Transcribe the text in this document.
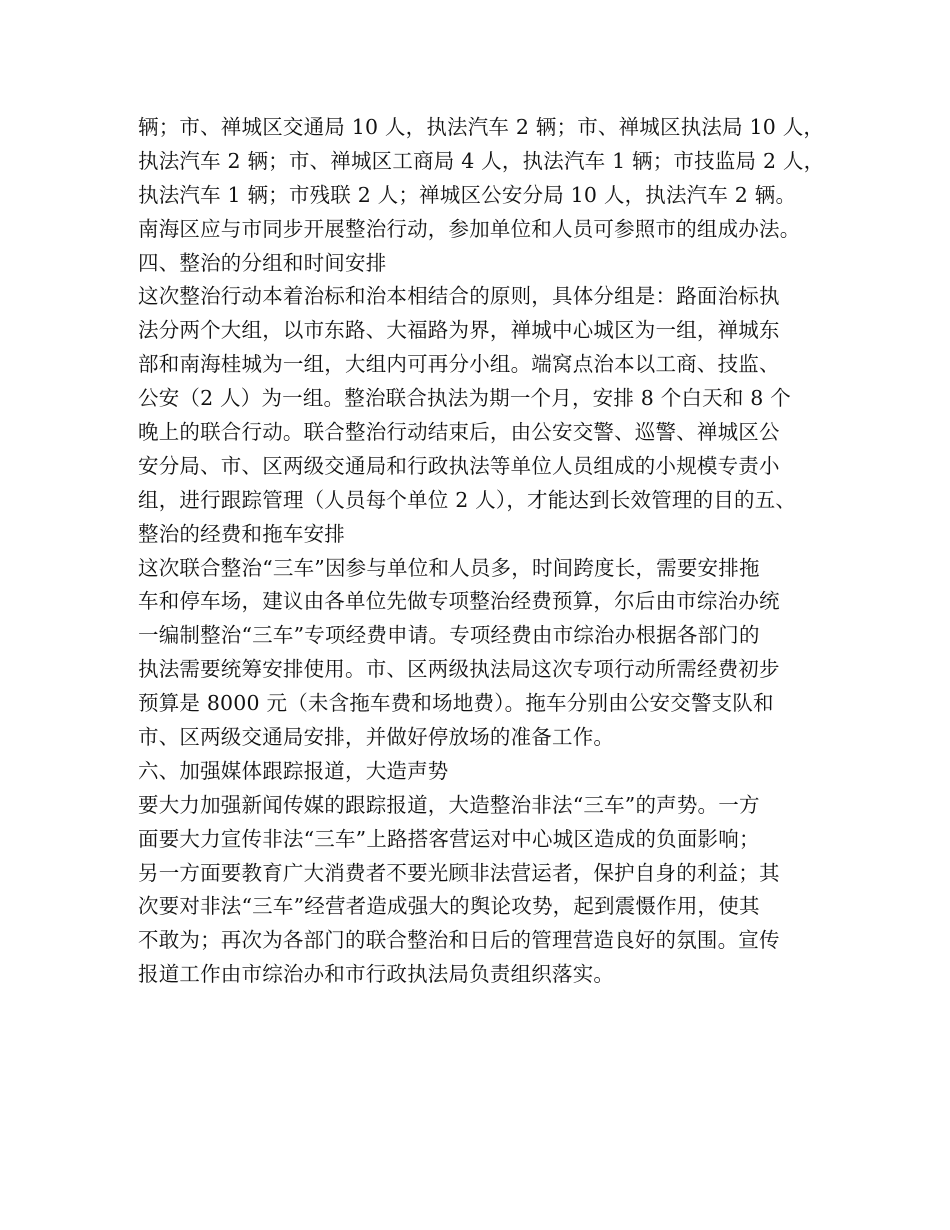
辆；市、禅城区交通局 10 人，执法汽车 2 辆；市、禅城区执法局 10 人，
执法汽车 2 辆；市、禅城区工商局 4 人，执法汽车 1 辆；市技监局 2 人，
执法汽车 1 辆；市残联 2 人；禅城区公安分局 10 人，执法汽车 2 辆。
南海区应与市同步开展整治行动，参加单位和人员可参照市的组成办法。
四、整治的分组和时间安排
这次整治行动本着治标和治本相结合的原则，具体分组是：路面治标执
法分两个大组，以市东路、大福路为界，禅城中心城区为一组，禅城东
部和南海桂城为一组，大组内可再分小组。端窝点治本以工商、技监、
公安（2 人）为一组。整治联合执法为期一个月，安排 8 个白天和 8 个
晚上的联合行动。联合整治行动结束后，由公安交警、巡警、禅城区公
安分局、市、区两级交通局和行政执法等单位人员组成的小规模专责小
组，进行跟踪管理（人员每个单位 2 人），才能达到长效管理的目的五、
整治的经费和拖车安排
这次联合整治“三车”因参与单位和人员多，时间跨度长，需要安排拖
车和停车场，建议由各单位先做专项整治经费预算，尔后由市综治办统
一编制整治“三车”专项经费申请。专项经费由市综治办根据各部门的
执法需要统筹安排使用。市、区两级执法局这次专项行动所需经费初步
预算是 8000 元（未含拖车费和场地费）。拖车分别由公安交警支队和
市、区两级交通局安排，并做好停放场的准备工作。
六、加强媒体跟踪报道，大造声势
要大力加强新闻传媒的跟踪报道，大造整治非法“三车”的声势。一方
面要大力宣传非法“三车”上路搭客营运对中心城区造成的负面影响；
另一方面要教育广大消费者不要光顾非法营运者，保护自身的利益；其
次要对非法“三车”经营者造成强大的舆论攻势，起到震慑作用，使其
不敢为；再次为各部门的联合整治和日后的管理营造良好的氛围。宣传
报道工作由市综治办和市行政执法局负责组织落实。
